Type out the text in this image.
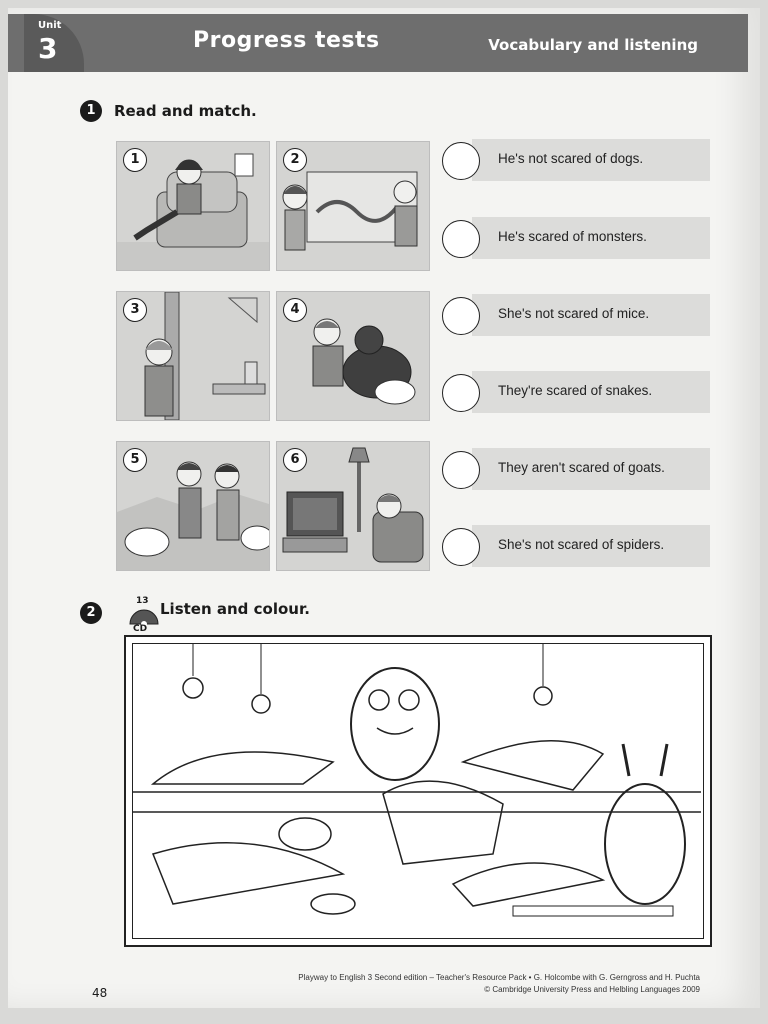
Unit
3	Progress tests	Vocabulary and listening
1	Read and match.
1	2
3	4
5	6
He's not scared of dogs.
He's scared of monsters.
She's not scared of mice.
They're scared of snakes.
They aren't scared of goats.
She's not scared of spiders.
2
13
CD
Listen and colour.
48
Playway to English 3 Second edition – Teacher's Resource Pack • G. Holcombe with G. Gerngross and H. Puchta
© Cambridge University Press and Helbling Languages 2009
